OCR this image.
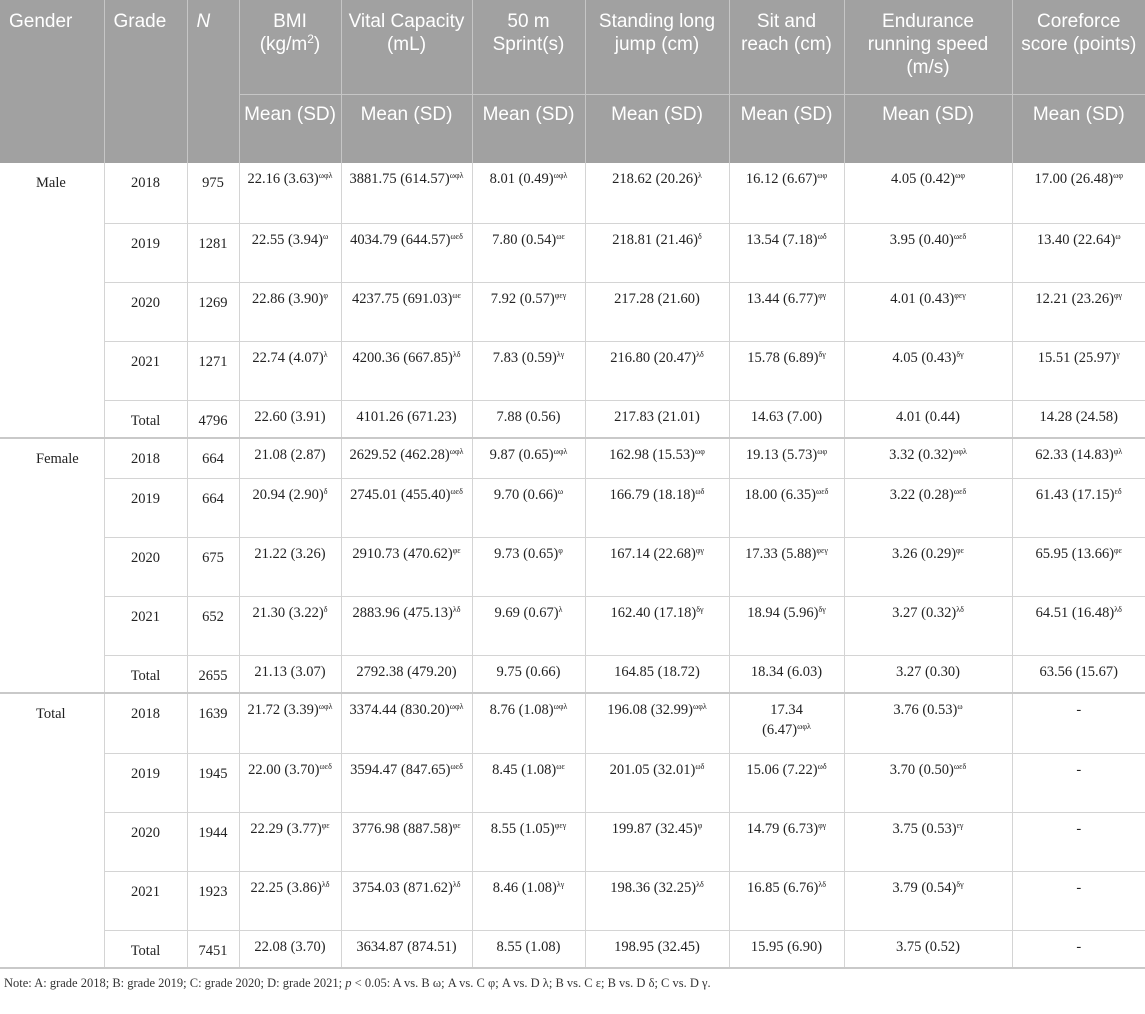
Gender	Grade	N	BMI $(kg/m^2)$	Vital Capacity (mL)	50 m Sprint(s)	Standing long jump (cm)	Sit and reach (cm)	Endurance running speed (m/s)	Coreforce score (points)
			Mean (SD)	Mean (SD)	Mean (SD)	Mean (SD)	Mean (SD)	Mean (SD)	Mean (SD)
Male	2018	975	22.16 $(3.63)^{\omega\varphi\lambda}$	3881.75 $(614.57)^{\omega\varphi\lambda}$	8.01 $(0.49)^{\omega\varphi\lambda}$	218.62 $(20.26)^\lambda$	16.12 $(6.67)^{\omega\varphi}$	4.05 $(0.42)^{\omega\varphi}$	17.00 $(26.48)^{\omega\varphi}$

	2019	1281	22.55 $(3.94)^\omega$	4034.79 $(644.57)^{\omega\varepsilon\delta}$	7.80 $(0.54)^{\omega\varepsilon}$	218.81 $(21.46)^\delta$	13.54 $(7.18)^{\omega\delta}$	3.95 $(0.40)^{\omega\varepsilon\delta}$	13.40 $(22.64)^\omega$

	2020	1269	22.86 $(3.90)^\varphi$	4237.75 $(691.03)^{\omega\varepsilon}$	7.92 $(0.57)^{\varphi\varepsilon\gamma}$	217.28 (21.60)	13.44 $(6.77)^{\varphi\gamma}$	4.01 $(0.43)^{\varphi\varepsilon\gamma}$	12.21 $(23.26)^{\varphi\gamma}$

	2021	1271	22.74 $(4.07)^\lambda$	4200.36 $(667.85)^{\lambda\delta}$	7.83 $(0.59)^{\lambda\gamma}$	216.80 $(20.47)^{\lambda\delta}$	15.78 $(6.89)^{\delta\gamma}$	4.05 $(0.43)^{\delta\gamma}$	15.51 $(25.97)^\gamma$

	Total	4796	22.60 (3.91)	4101.26 (671.23)	7.88 (0.56)	217.83 (21.01)	14.63 (7.00)	4.01 (0.44)	14.28 (24.58)

Female	2018	664	21.08 (2.87)	2629.52 $(462.28)^{\omega\varphi\lambda}$	9.87 $(0.65)^{\omega\varphi\lambda}$	162.98 $(15.53)^{\omega\varphi}$	19.13 $(5.73)^{\omega\varphi}$	3.32 $(0.32)^{\omega\varphi\lambda}$	62.33 $(14.83)^{\varphi\lambda}$

	2019	664	20.94 $(2.90)^\delta$	2745.01 $(455.40)^{\omega\varepsilon\delta}$	9.70 $(0.66)^\omega$	166.79 $(18.18)^{\omega\delta}$	18.00 $(6.35)^{\omega\varepsilon\delta}$	3.22 $(0.28)^{\omega\varepsilon\delta}$	61.43 $(17.15)^{\varepsilon\delta}$

	2020	675	21.22 (3.26)	2910.73 $(470.62)^{\varphi\varepsilon}$	9.73 $(0.65)^\varphi$	167.14 $(22.68)^{\varphi\gamma}$	17.33 $(5.88)^{\varphi\varepsilon\gamma}$	3.26 $(0.29)^{\varphi\varepsilon}$	65.95 $(13.66)^{\varphi\varepsilon}$

	2021	652	21.30 $(3.22)^\delta$	2883.96 $(475.13)^{\lambda\delta}$	9.69 $(0.67)^\lambda$	162.40 $(17.18)^{\delta\gamma}$	18.94 $(5.96)^{\delta\gamma}$	3.27 $(0.32)^{\lambda\delta}$	64.51 $(16.48)^{\lambda\delta}$

	Total	2655	21.13 (3.07)	2792.38 (479.20)	9.75 (0.66)	164.85 (18.72)	18.34 (6.03)	3.27 (0.30)	63.56 (15.67)

Total	2018	1639	21.72 $(3.39)^{\omega\varphi\lambda}$	3374.44 $(830.20)^{\omega\varphi\lambda}$	8.76 $(1.08)^{\omega\varphi\lambda}$	196.08 $(32.99)^{\omega\varphi\lambda}$	17.34 $(6.47)^{\omega\varphi\lambda}$	3.76 $(0.53)^\omega$	-

	2019	1945	22.00 $(3.70)^{\omega\varepsilon\delta}$	3594.47 $(847.65)^{\omega\varepsilon\delta}$	8.45 $(1.08)^{\omega\varepsilon}$	201.05 $(32.01)^{\omega\delta}$	15.06 $(7.22)^{\omega\delta}$	3.70 $(0.50)^{\omega\varepsilon\delta}$	-

	2020	1944	22.29 $(3.77)^{\varphi\varepsilon}$	3776.98 $(887.58)^{\varphi\varepsilon}$	8.55 $(1.05)^{\varphi\varepsilon\gamma}$	199.87 $(32.45)^\varphi$	14.79 $(6.73)^{\varphi\gamma}$	3.75 $(0.53)^{\varepsilon\gamma}$	-

	2021	1923	22.25 $(3.86)^{\lambda\delta}$	3754.03 $(871.62)^{\lambda\delta}$	8.46 $(1.08)^{\lambda\gamma}$	198.36 $(32.25)^{\lambda\delta}$	16.85 $(6.76)^{\lambda\delta}$	3.79 $(0.54)^{\delta\gamma}$	-

	Total	7451	22.08 (3.70)	3634.87 (874.51)	8.55 (1.08)	198.95 (32.45)	15.95 (6.90)	3.75 (0.52)	-
Note: A: grade 2018; B: grade 2019; C: grade 2020; D: grade 2021; p < 0.05: A vs. B ω; A vs. C φ; A vs. D λ; B vs. C ε; B vs. D δ; C vs. D γ.
